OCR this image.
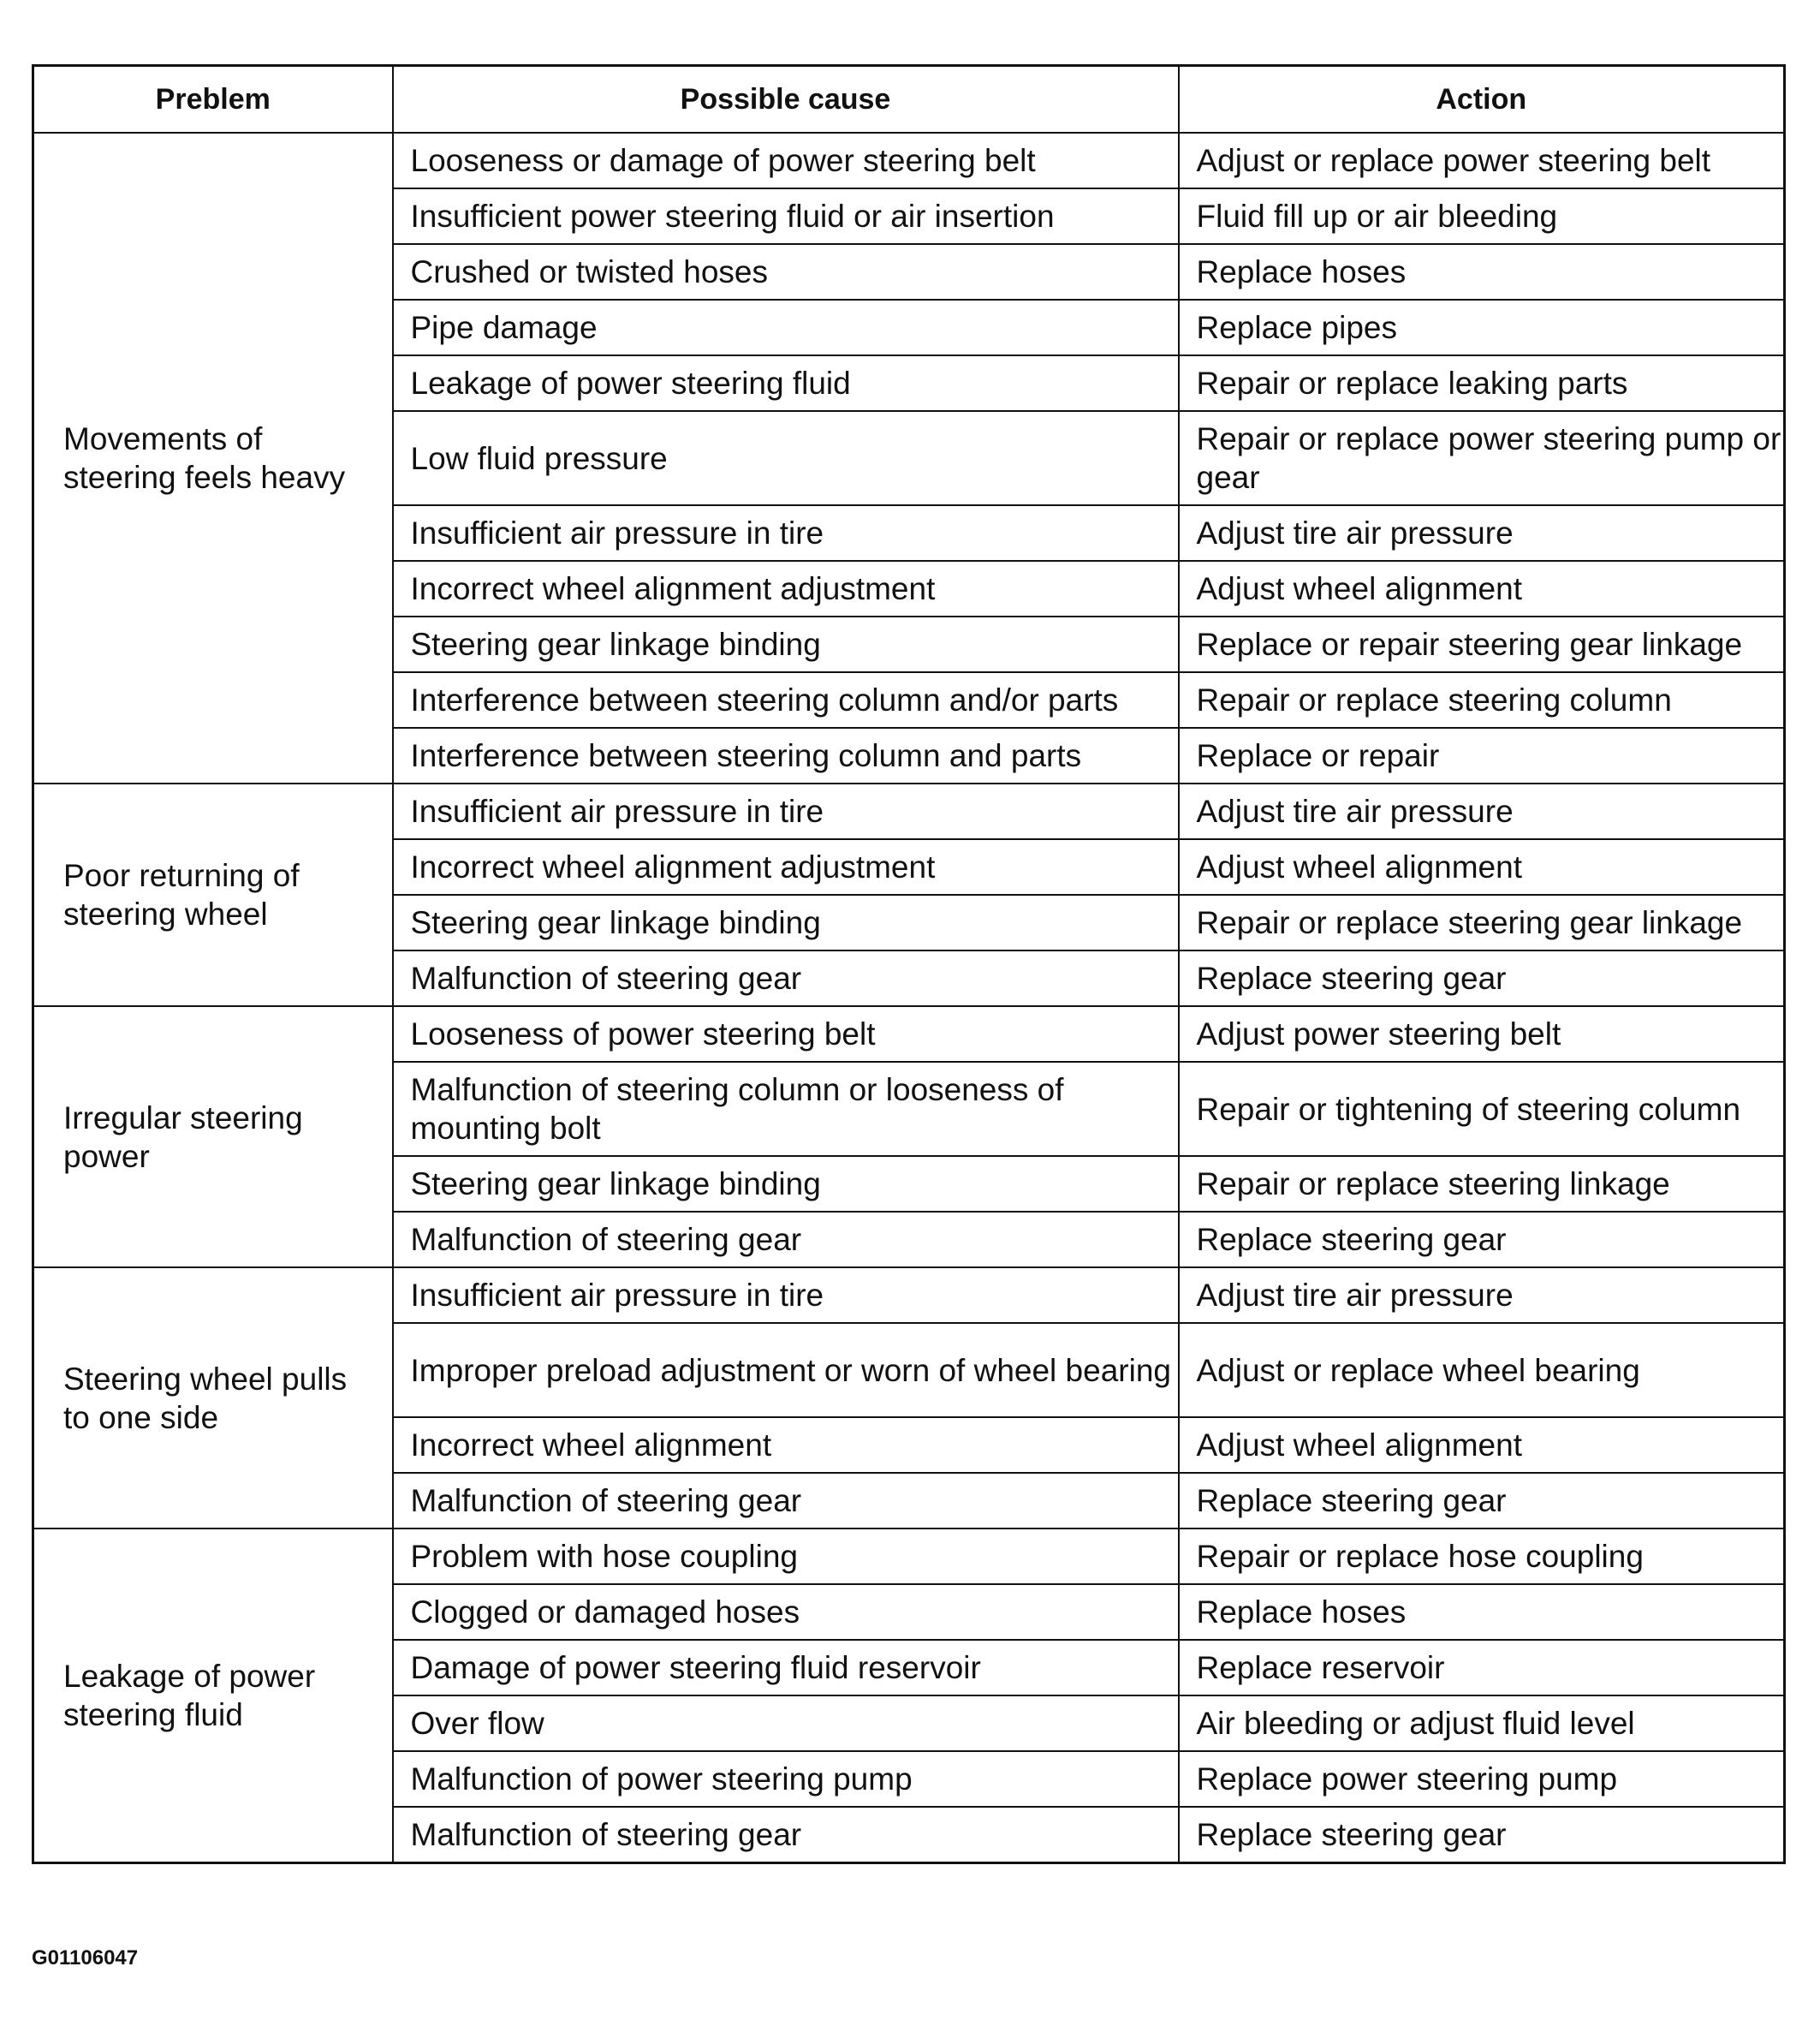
Preblem	Possible cause	Action
Movements of steering feels heavy	Looseness or damage of power steering belt	Adjust or replace power steering belt
	Insufficient power steering fluid or air insertion	Fluid fill up or air bleeding
	Crushed or twisted hoses	Replace hoses
	Pipe damage	Replace pipes
	Leakage of power steering fluid	Repair or replace leaking parts
	Low fluid pressure	Repair or replace power steering pump or gear
	Insufficient air pressure in tire	Adjust tire air pressure
	Incorrect wheel alignment adjustment	Adjust wheel alignment
	Steering gear linkage binding	Replace or repair steering gear linkage
	Interference between steering column and/or parts	Repair or replace steering column
	Interference between steering column and parts	Replace or repair
Poor returning of steering wheel	Insufficient air pressure in tire	Adjust tire air pressure
	Incorrect wheel alignment adjustment	Adjust wheel alignment
	Steering gear linkage binding	Repair or replace steering gear linkage
	Malfunction of steering gear	Replace steering gear
Irregular steering power	Looseness of power steering belt	Adjust power steering belt
	Malfunction of steering column or looseness of mounting bolt	Repair or tightening of steering column
	Steering gear linkage binding	Repair or replace steering linkage
	Malfunction of steering gear	Replace steering gear
Steering wheel pulls to one side	Insufficient air pressure in tire	Adjust tire air pressure
	Improper preload adjustment or worn of wheel bearing	Adjust or replace wheel bearing
	Incorrect wheel alignment	Adjust wheel alignment
	Malfunction of steering gear	Replace steering gear
Leakage of power steering fluid	Problem with hose coupling	Repair or replace hose coupling
	Clogged or damaged hoses	Replace hoses
	Damage of power steering fluid reservoir	Replace reservoir
	Over flow	Air bleeding or adjust fluid level
	Malfunction of power steering pump	Replace power steering pump
	Malfunction of steering gear	Replace steering gear
G01106047
